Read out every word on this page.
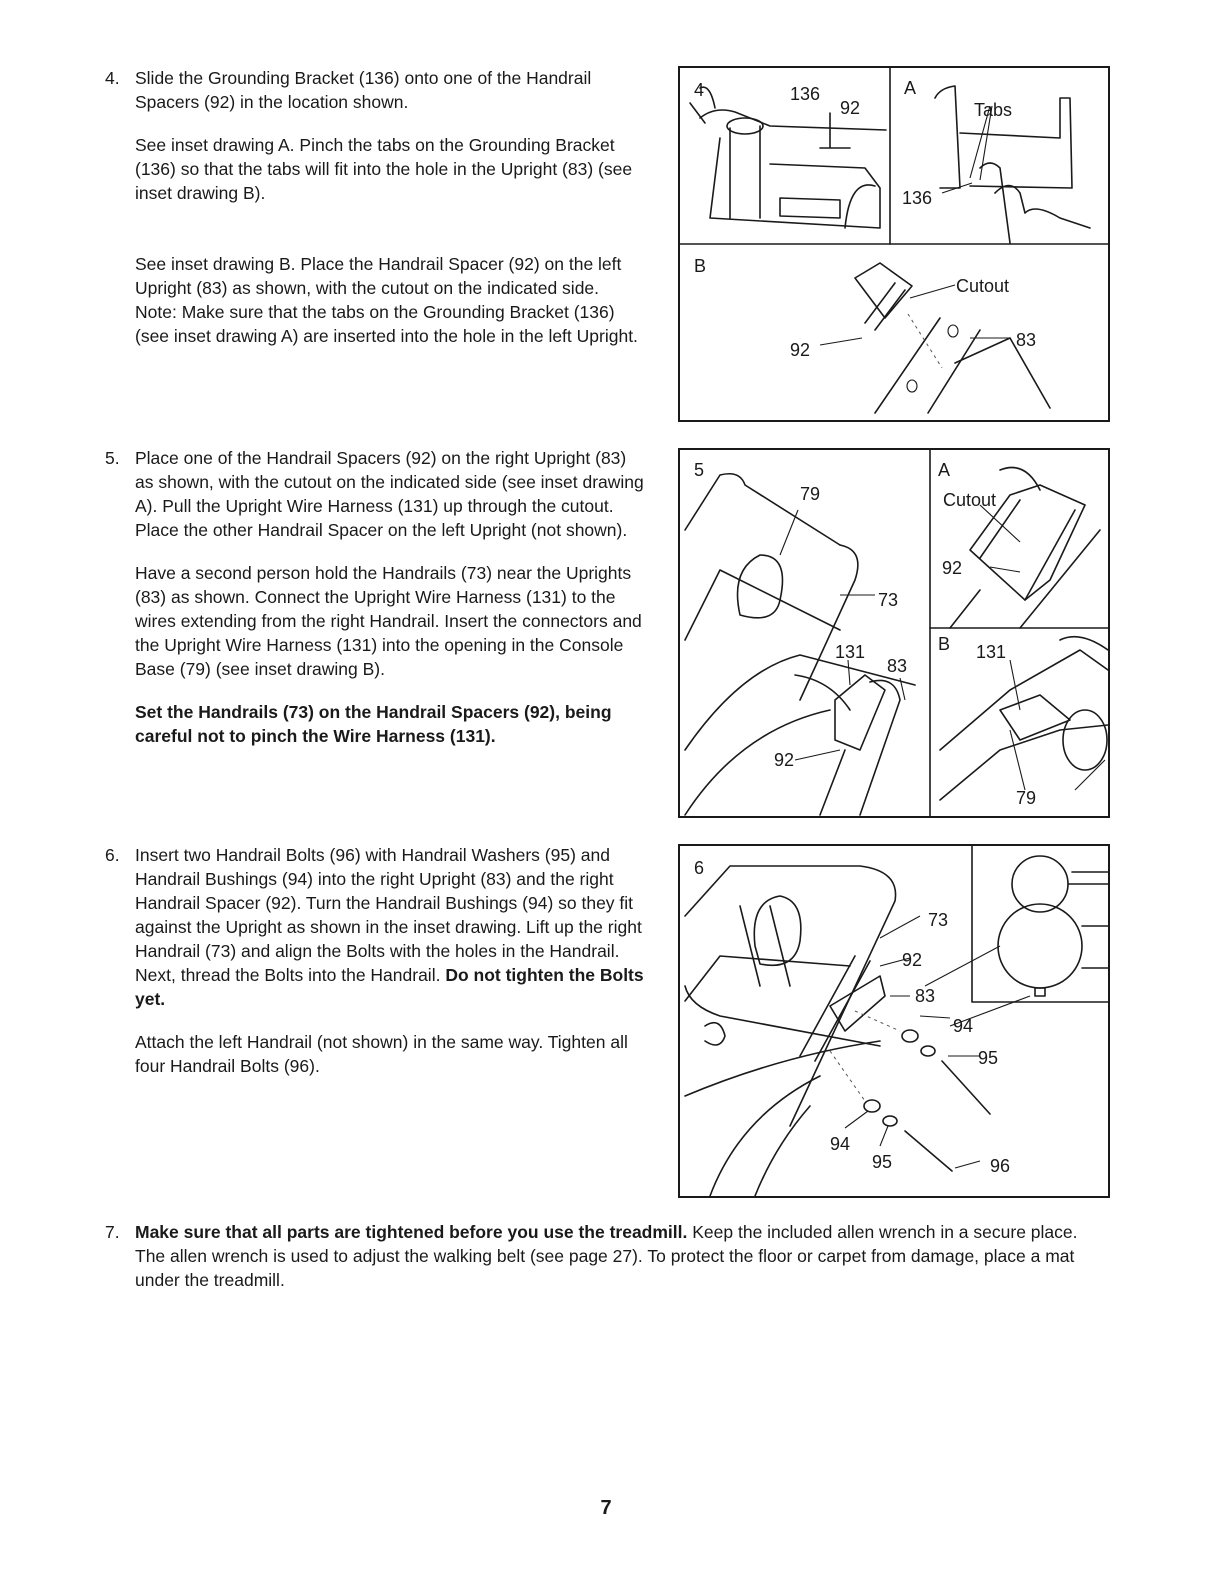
4. Slide the Grounding Bracket (136) onto one of the Handrail Spacers (92) in the location shown.

See inset drawing A. Pinch the tabs on the Grounding Bracket (136) so that the tabs will fit into the hole in the Upright (83) (see inset drawing B).

See inset drawing B. Place the Handrail Spacer (92) on the left Upright (83) as shown, with the cutout on the indicated side. Note: Make sure that the tabs on the Grounding Bracket (136) (see inset drawing A) are inserted into the hole in the left Upright.

5. Place one of the Handrail Spacers (92) on the right Upright (83) as shown, with the cutout on the indicated side (see inset drawing A). Pull the Upright Wire Harness (131) up through the cutout. Place the other Handrail Spacer on the left Upright (not shown).

Have a second person hold the Handrails (73) near the Uprights (83) as shown. Connect the Upright Wire Harness (131) to the wires extending from the right Handrail. Insert the connectors and the Upright Wire Harness (131) into the opening in the Console Base (79) (see inset drawing B).

Set the Handrails (73) on the Handrail Spacers (92), being careful not to pinch the Wire Harness (131).

6. Insert two Handrail Bolts (96) with Handrail Washers (95) and Handrail Bushings (94) into the right Upright (83) and the right Handrail Spacer (92). Turn the Handrail Bushings (94) so they fit against the Upright as shown in the inset drawing. Lift up the right Handrail (73) and align the Bolts with the holes in the Handrail. Next, thread the Bolts into the Handrail. Do not tighten the Bolts yet.

Attach the left Handrail (not shown) in the same way. Tighten all four Handrail Bolts (96).

4	136
92
A
Tabs
136
B
Cutout
92	83
5
79
73
131
83
92
A
Cutout
92
B 131
79
6
73
92
83
94
95
94
95	96
7. Make sure that all parts are tightened before you use the treadmill. Keep the included allen wrench in a secure place. The allen wrench is used to adjust the walking belt (see page 27). To protect the floor or carpet from damage, place a mat under the treadmill.
7
